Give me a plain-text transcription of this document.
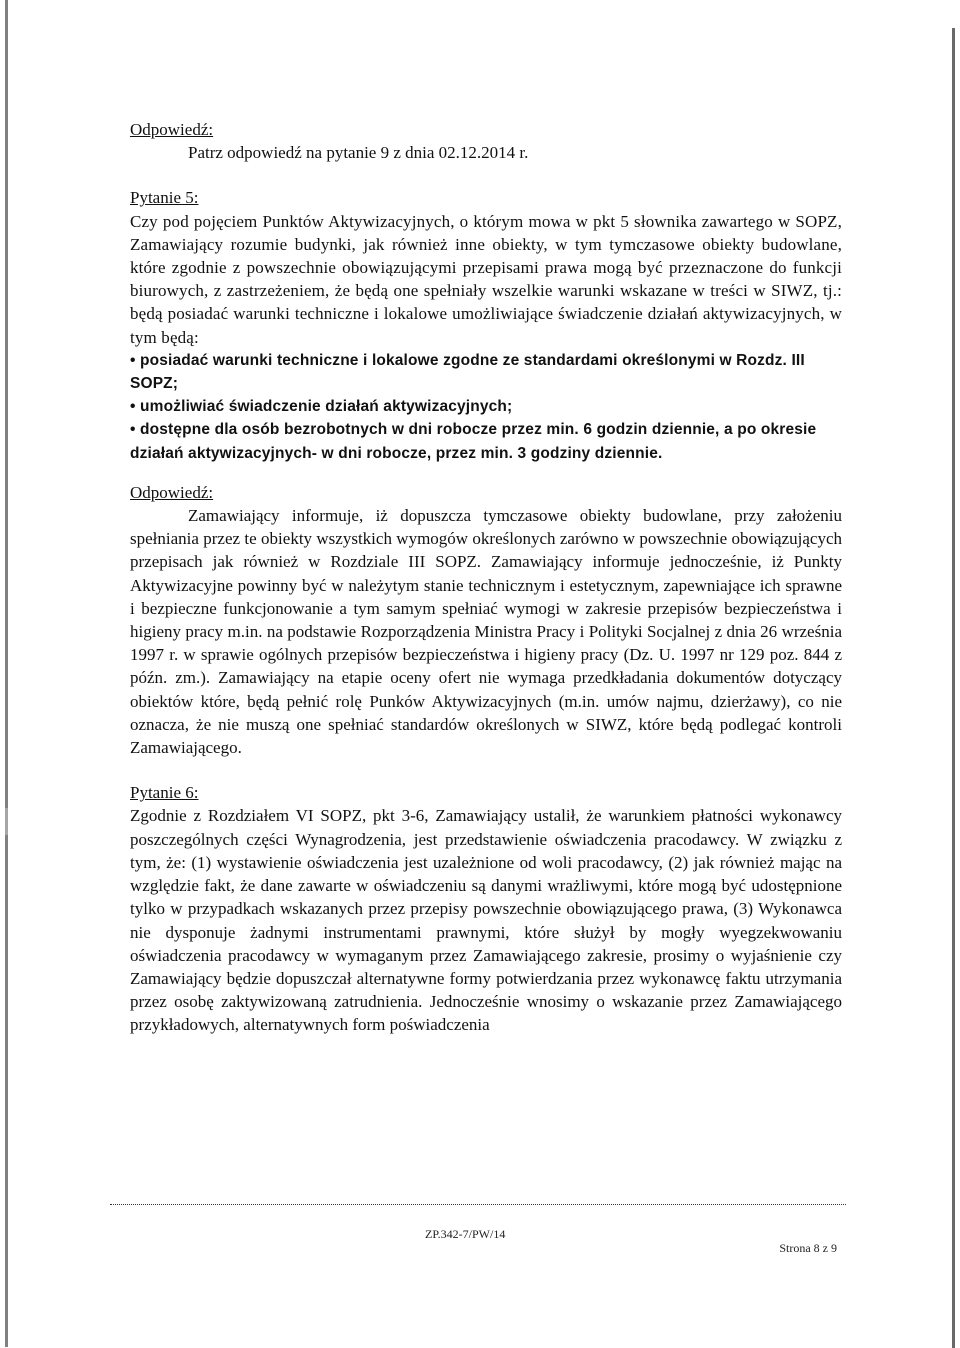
Odpowiedź:

Patrz odpowiedź na pytanie 9 z dnia 02.12.2014 r.

Pytanie 5:

Czy pod pojęciem Punktów Aktywizacyjnych, o którym mowa w pkt 5 słownika zawartego w SOPZ, Zamawiający rozumie budynki, jak również inne obiekty, w tym tymczasowe obiekty budowlane, które zgodnie z powszechnie obowiązującymi przepisami prawa mogą być przeznaczone do funkcji biurowych, z zastrzeżeniem, że będą one spełniały wszelkie warunki wskazane w treści w SIWZ, tj.: będą posiadać warunki techniczne i lokalowe umożliwiające świadczenie działań aktywizacyjnych, w tym będą:

• posiadać warunki techniczne i lokalowe zgodne ze standardami określonymi w Rozdz. III SOPZ;
• umożliwiać świadczenie działań aktywizacyjnych;
• dostępne dla osób bezrobotnych w dni robocze przez min. 6 godzin dziennie, a po okresie działań aktywizacyjnych- w dni robocze, przez min. 3 godziny dziennie.
Odpowiedź:

Zamawiający informuje, iż dopuszcza tymczasowe obiekty budowlane, przy założeniu spełniania przez te obiekty wszystkich wymogów określonych zarówno w powszechnie obowiązujących przepisach jak również w Rozdziale III SOPZ. Zamawiający informuje jednocześnie, iż Punkty Aktywizacyjne powinny być w należytym stanie technicznym i estetycznym, zapewniające ich sprawne i bezpieczne funkcjonowanie a tym samym spełniać wymogi w zakresie przepisów bezpieczeństwa i higieny pracy m.in. na podstawie Rozporządzenia Ministra Pracy i Polityki Socjalnej z dnia 26 września 1997 r. w sprawie ogólnych przepisów bezpieczeństwa i higieny pracy (Dz. U. 1997 nr 129 poz. 844 z późn. zm.). Zamawiający na etapie oceny ofert nie wymaga przedkładania dokumentów dotyczący obiektów które, będą pełnić rolę Punków Aktywizacyjnych (m.in. umów najmu, dzierżawy), co nie oznacza, że nie muszą one spełniać standardów określonych w SIWZ, które będą podlegać kontroli Zamawiającego.

Pytanie 6:

Zgodnie z Rozdziałem VI SOPZ, pkt 3-6, Zamawiający ustalił, że warunkiem płatności wykonawcy poszczególnych części Wynagrodzenia, jest przedstawienie oświadczenia pracodawcy. W związku z tym, że: (1) wystawienie oświadczenia jest uzależnione od woli pracodawcy, (2) jak również mając na względzie fakt, że dane zawarte w oświadczeniu są danymi wrażliwymi, które mogą być udostępnione tylko w przypadkach wskazanych przez przepisy powszechnie obowiązującego prawa, (3) Wykonawca nie dysponuje żadnymi instrumentami prawnymi, które służył by mogły wyegzekwowaniu oświadczenia pracodawcy w wymaganym przez Zamawiającego zakresie, prosimy o wyjaśnienie czy Zamawiający będzie dopuszczał alternatywne formy potwierdzania przez wykonawcę faktu utrzymania przez osobę zaktywizowaną zatrudnienia. Jednocześnie wnosimy o wskazanie przez Zamawiającego przykładowych, alternatywnych form poświadczenia

ZP.342-7/PW/14
Strona 8 z 9
